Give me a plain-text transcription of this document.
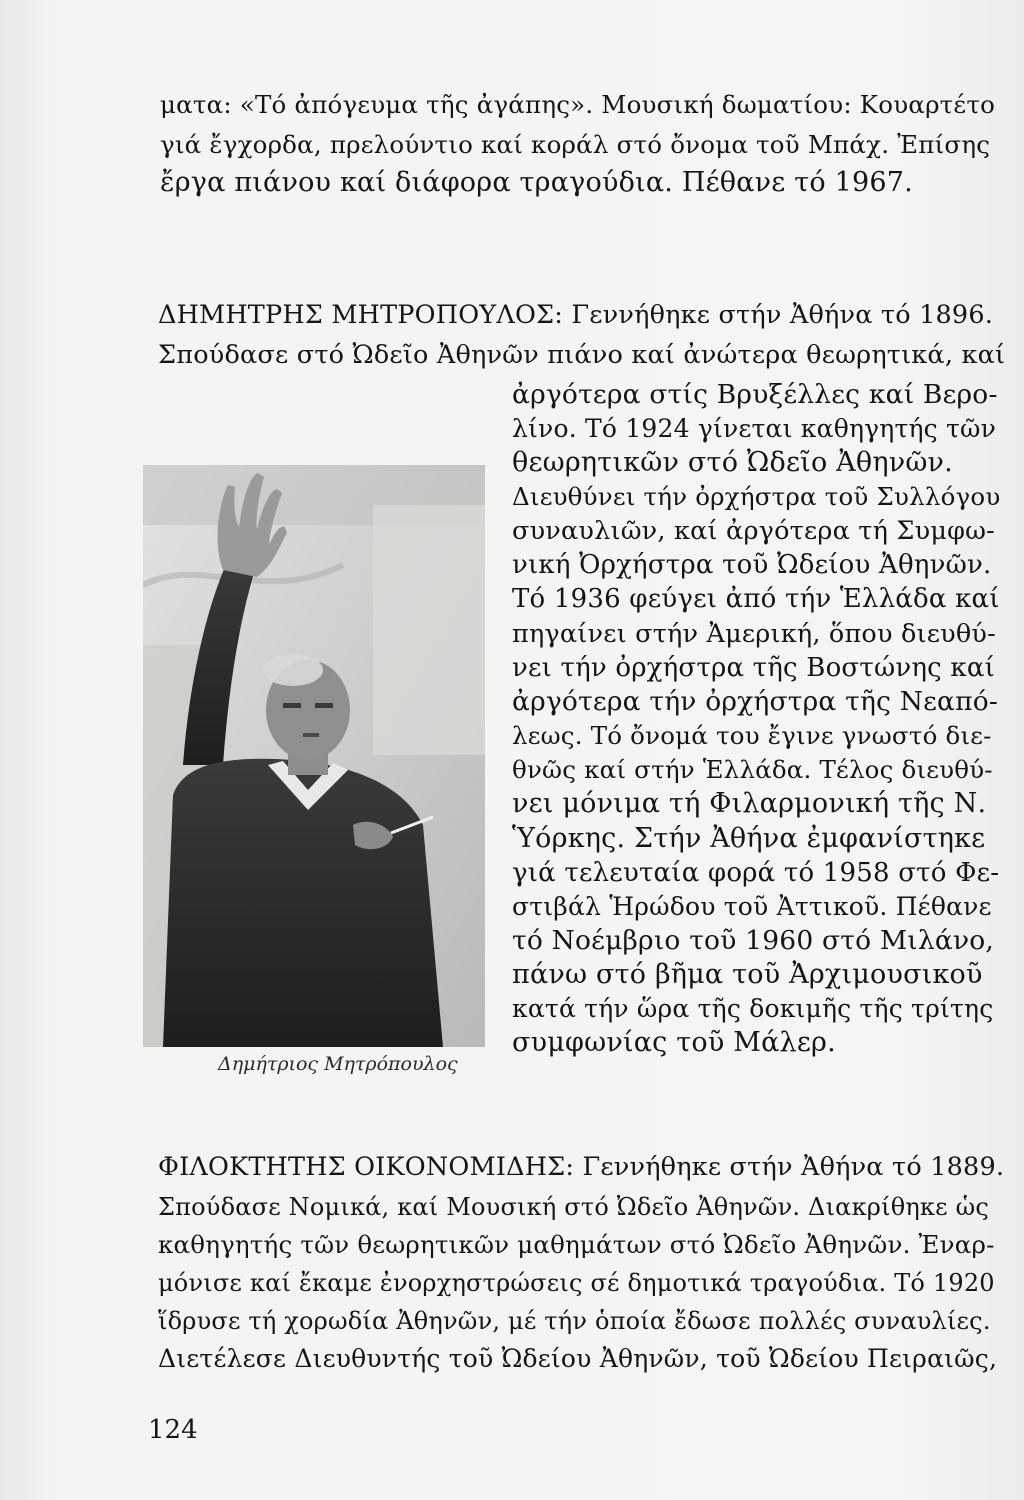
ματα: «Τό ἀπόγευμα τῆς ἀγάπης». Μουσική δωματίου: Κουαρτέτο
γιά ἔγχορδα, πρελούντιο καί κοράλ στό ὄνομα τοῦ Μπάχ. Ἐπίσης
ἔργα πιάνου καί διάφορα τραγούδια. Πέθανε τό 1967.
ΔΗΜΗΤΡΗΣ ΜΗΤΡΟΠΟΥΛΟΣ: Γεννήθηκε στήν Ἀθήνα τό 1896.
Σπούδασε στό Ὠδεῖο Ἀθηνῶν πιάνο καί ἀνώτερα θεωρητικά, καί
ἀργότερα στίς Βρυξέλλες καί Βερο-
λίνο. Τό 1924 γίνεται καθηγητής τῶν
θεωρητικῶν στό Ὠδεῖο Ἀθηνῶν.
Διευθύνει τήν ὀρχήστρα τοῦ Συλλόγου
συναυλιῶν, καί ἀργότερα τή Συμφω-
νική Ὀρχήστρα τοῦ Ὠδείου Ἀθηνῶν.
Τό 1936 φεύγει ἀπό τήν Ἑλλάδα καί
πηγαίνει στήν Ἀμερική, ὅπου διευθύ-
νει τήν ὀρχήστρα τῆς Βοστώνης καί
ἀργότερα τήν ὀρχήστρα τῆς Νεαπό-
λεως. Τό ὄνομά του ἔγινε γνωστό διε-
θνῶς καί στήν Ἑλλάδα. Τέλος διευθύ-
νει μόνιμα τή Φιλαρμονική τῆς Ν.
Ὑόρκης. Στήν Ἀθήνα ἐμφανίστηκε
γιά τελευταία φορά τό 1958 στό Φε-
στιβάλ Ἡρώδου τοῦ Ἀττικοῦ. Πέθανε
τό Νοέμβριο τοῦ 1960 στό Μιλάνο,
πάνω στό βῆμα τοῦ Ἀρχιμουσικοῦ
κατά τήν ὥρα τῆς δοκιμῆς τῆς τρίτης
συμφωνίας τοῦ Μάλερ.
Δημήτριος Μητρόπουλος
ΦΙΛΟΚΤΗΤΗΣ ΟΙΚΟΝΟΜΙΔΗΣ: Γεννήθηκε στήν Ἀθήνα τό 1889.
Σπούδασε Νομικά, καί Μουσική στό Ὠδεῖο Ἀθηνῶν. Διακρίθηκε ὡς
καθηγητής τῶν θεωρητικῶν μαθημάτων στό Ὠδεῖο Ἀθηνῶν. Ἐναρ-
μόνισε καί ἔκαμε ἐνορχηστρώσεις σέ δημοτικά τραγούδια. Τό 1920
ἵδρυσε τή χορωδία Ἀθηνῶν, μέ τήν ὁποία ἔδωσε πολλές συναυλίες.
Διετέλεσε Διευθυντής τοῦ Ὠδείου Ἀθηνῶν, τοῦ Ὠδείου Πειραιῶς,
124
